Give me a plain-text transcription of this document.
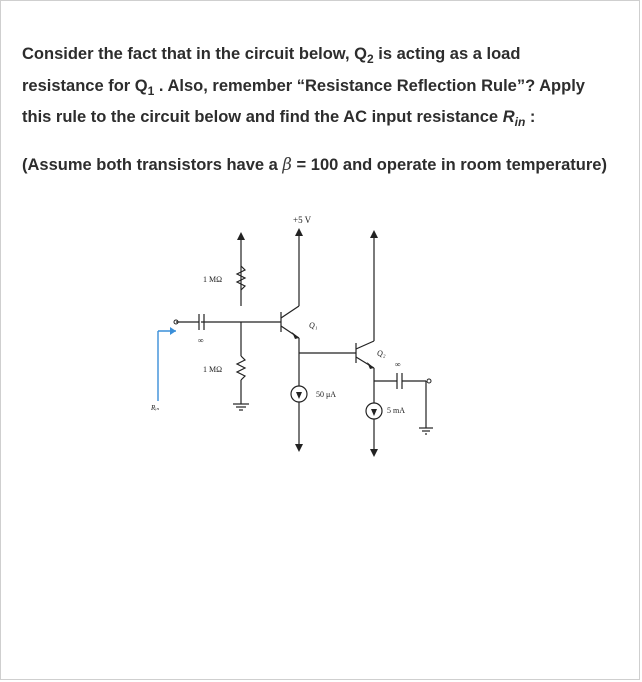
Consider the fact that in the circuit below, $Q_2$ is acting as a load
resistance for $Q_1$ . Also, remember “Resistance Reflection Rule”? Apply
this rule to the circuit below and find the AC input resistance $R_{in}$ :

(Assume both transistors have a β = 100 and operate in room temperature)

+5 V
1 MΩ
1 MΩ
Q₁
Q₂
50 μA
5 mA
∞
∞
Rᵢₙ
